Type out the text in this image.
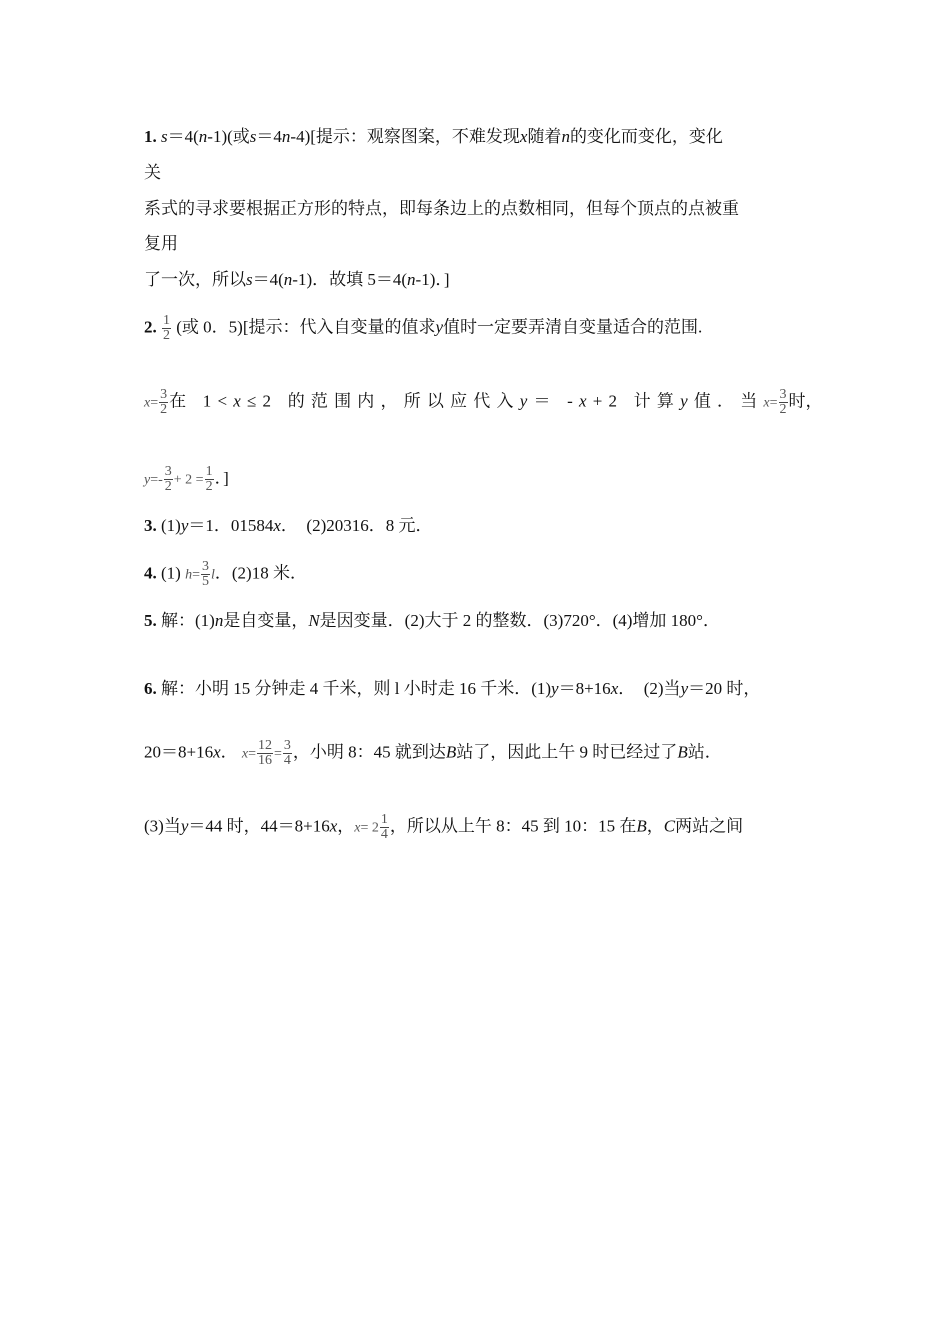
1. s＝4(n-1)(或s＝4n-4)[提示：观察图案，不难发现x随着n的变化而变化，变化
关
系式的寻求要根据正方形的特点，即每条边上的点数相同，但每个顶点的点被重
复用
了一次，所以s＝4(n-1)．故填 5＝4(n-1)．]
2. $\frac{1}{2}$ (或 0．5)[提示：代入自变量的值求y值时一定要弄清自变量适合的范围.
$x= \frac{3}{2}$ 在 1<x≤2 的范围内，所以应代入y＝ -x+2 计算y值．当$x= \frac{3}{2}$ 时，
$y=- \frac{3}{2} + 2 = \frac{1}{2}$ ．]
3. (1)y＝1．01584x．　(2)20316．8 元．
4. (1) $h= \frac{3}{5}$ l．(2)18 米．
5. 解：(1)n是自变量，N是因变量．(2)大于 2 的整数．(3)720°．(4)增加 180°．
6. 解：小明 15 分钟走 4 千米，则 l 小时走 16 千米．(1)y＝8+16x．　(2)当y＝20 时，
20＝8+16x． $x= \frac{12}{16} = \frac{3}{4}$ ，小明 8：45 就到达B站了，因此上午 9 时已经过了B站．
(3)当y＝44 时，44＝8+16x，$x= 2 \frac{1}{4}$ ，所以从上午 8：45 到 10：15 在B，C两站之间
